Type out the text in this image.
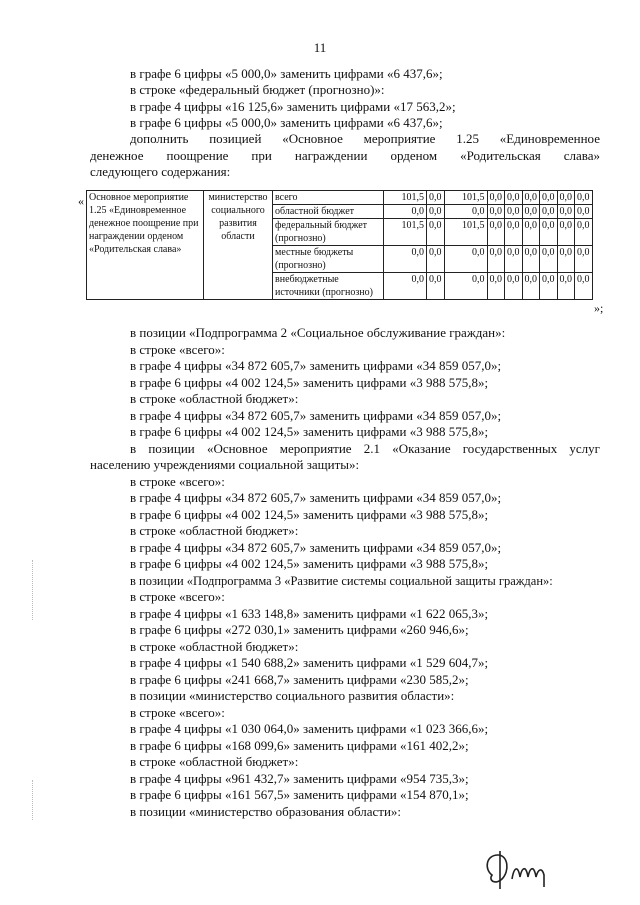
11
в графе 6 цифры «5 000,0» заменить цифрами «6 437,6»;
в строке «федеральный бюджет (прогнозно)»:
в графе 4 цифры «16 125,6» заменить цифрами «17 563,2»;
в графе 6 цифры «5 000,0» заменить цифрами «6 437,6»;
дополнить позицией «Основное мероприятие 1.25 «Единовременное
денежное поощрение при награждении орденом «Родительская слава»
следующего содержания:
« Основное мероприятие 1.25 «Единовременное денежное поощрение при награждении орденом «Родительская слава»	министерство социального развития области	всего	101,5	0,0	101,5	0,0	0,0	0,0	0,0	0,0	0,0
		областной бюджет	0,0	0,0	0,0	0,0	0,0	0,0	0,0	0,0	0,0
		федеральный бюджет (прогнозно)	101,5	0,0	101,5	0,0	0,0	0,0	0,0	0,0	0,0
		местные бюджеты (прогнозно)	0,0	0,0	0,0	0,0	0,0	0,0	0,0	0,0	0,0
		внебюджетные источники (прогнозно)	0,0	0,0	0,0	0,0	0,0	0,0	0,0	0,0	0,0
»;
в позиции «Подпрограмма 2 «Социальное обслуживание граждан»:
в строке «всего»:
в графе 4 цифры «34 872 605,7» заменить цифрами «34 859 057,0»;
в графе 6 цифры «4 002 124,5» заменить цифрами «3 988 575,8»;
в строке «областной бюджет»:
в графе 4 цифры «34 872 605,7» заменить цифрами «34 859 057,0»;
в графе 6 цифры «4 002 124,5» заменить цифрами «3 988 575,8»;
в позиции «Основное мероприятие 2.1 «Оказание государственных услуг
населению учреждениями социальной защиты»:
в строке «всего»:
в графе 4 цифры «34 872 605,7» заменить цифрами «34 859 057,0»;
в графе 6 цифры «4 002 124,5» заменить цифрами «3 988 575,8»;
в строке «областной бюджет»:
в графе 4 цифры «34 872 605,7» заменить цифрами «34 859 057,0»;
в графе 6 цифры «4 002 124,5» заменить цифрами «3 988 575,8»;
в позиции «Подпрограмма 3 «Развитие системы социальной защиты граждан»:
в строке «всего»:
в графе 4 цифры «1 633 148,8» заменить цифрами «1 622 065,3»;
в графе 6 цифры «272 030,1» заменить цифрами «260 946,6»;
в строке «областной бюджет»:
в графе 4 цифры «1 540 688,2» заменить цифрами «1 529 604,7»;
в графе 6 цифры «241 668,7» заменить цифрами «230 585,2»;
в позиции «министерство социального развития области»:
в строке «всего»:
в графе 4 цифры «1 030 064,0» заменить цифрами «1 023 366,6»;
в графе 6 цифры «168 099,6» заменить цифрами «161 402,2»;
в строке «областной бюджет»:
в графе 4 цифры «961 432,7» заменить цифрами «954 735,3»;
в графе 6 цифры «161 567,5» заменить цифрами «154 870,1»;
в позиции «министерство образования области»:
